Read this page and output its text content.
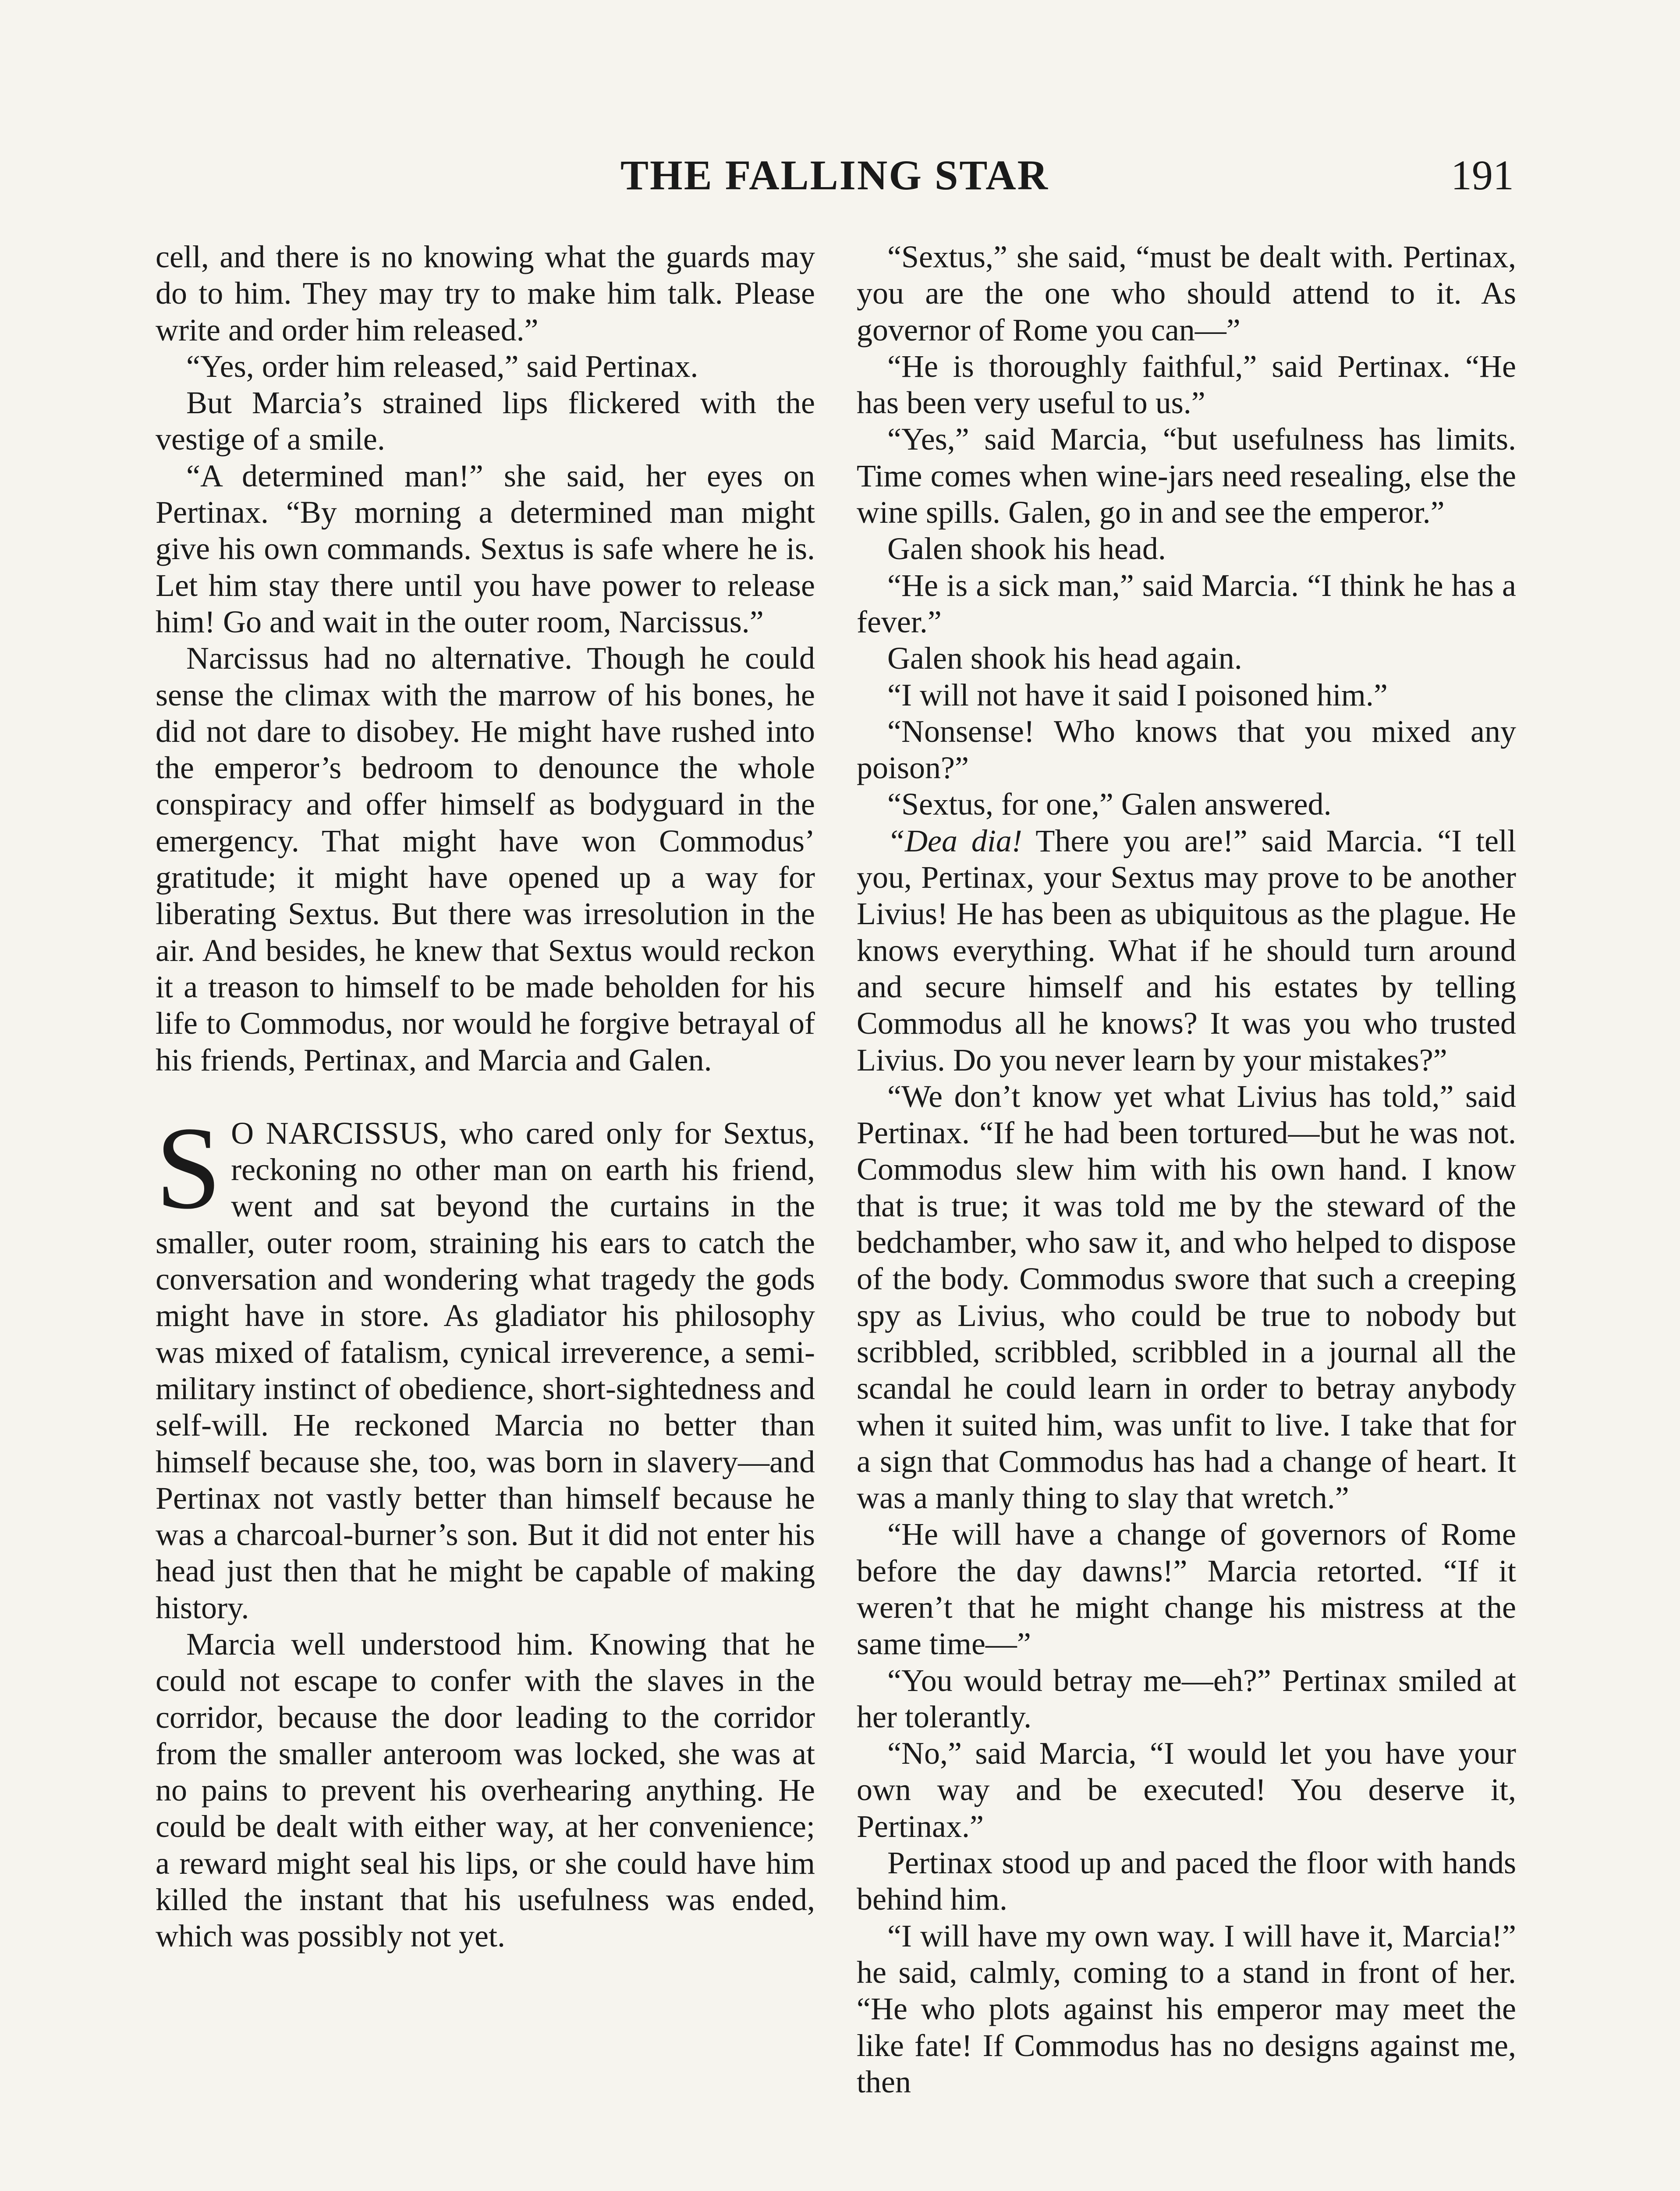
THE FALLING STAR	191

cell, and there is no knowing what the guards may do to him. They may try to make him talk. Please write and order him released.”

“Yes, order him released,” said Pertinax.

But Marcia’s strained lips flickered with the vestige of a smile.

“A determined man!” she said, her eyes on Pertinax. “By morning a determined man might give his own commands. Sextus is safe where he is. Let him stay there until you have power to release him! Go and wait in the outer room, Narcissus.”

Narcissus had no alternative. Though he could sense the climax with the marrow of his bones, he did not dare to disobey. He might have rushed into the emperor’s bedroom to denounce the whole conspiracy and offer himself as bodyguard in the emergency. That might have won Commodus’ gratitude; it might have opened up a way for liberating Sextus. But there was irresolution in the air. And besides, he knew that Sextus would reckon it a treason to himself to be made beholden for his life to Commodus, nor would he forgive betrayal of his friends, Pertinax, and Marcia and Galen.

S O NARCISSUS, who cared only for Sextus, reckoning no other man on earth his friend, went and sat beyond the curtains in the smaller, outer room, straining his ears to catch the conversation and wondering what tragedy the gods might have in store. As gladiator his philosophy was mixed of fatalism, cynical irreverence, a semi-military instinct of obedience, short-sightedness and self-will. He reckoned Marcia no better than himself because she, too, was born in slavery—and Pertinax not vastly better than himself because he was a charcoal-burner’s son. But it did not enter his head just then that he might be capable of making history.

Marcia well understood him. Knowing that he could not escape to confer with the slaves in the corridor, because the door leading to the corridor from the smaller anteroom was locked, she was at no pains to prevent his overhearing anything. He could be dealt with either way, at her convenience; a reward might seal his lips, or she could have him killed the instant that his usefulness was ended, which was possibly not yet.

“Sextus,” she said, “must be dealt with. Pertinax, you are the one who should attend to it. As governor of Rome you can—”

“He is thoroughly faithful,” said Pertinax. “He has been very useful to us.”

“Yes,” said Marcia, “but usefulness has limits. Time comes when wine-jars need resealing, else the wine spills. Galen, go in and see the emperor.”

Galen shook his head.

“He is a sick man,” said Marcia. “I think he has a fever.”

Galen shook his head again.

“I will not have it said I poisoned him.”

“Nonsense! Who knows that you mixed any poison?”

“Sextus, for one,” Galen answered.

“Dea dia! There you are!” said Marcia. “I tell you, Pertinax, your Sextus may prove to be another Livius! He has been as ubiquitous as the plague. He knows everything. What if he should turn around and secure himself and his estates by telling Commodus all he knows? It was you who trusted Livius. Do you never learn by your mistakes?”

“We don’t know yet what Livius has told,” said Pertinax. “If he had been tortured—but he was not. Commodus slew him with his own hand. I know that is true; it was told me by the steward of the bedchamber, who saw it, and who helped to dispose of the body. Commodus swore that such a creeping spy as Livius, who could be true to nobody but scribbled, scribbled, scribbled in a journal all the scandal he could learn in order to betray anybody when it suited him, was unfit to live. I take that for a sign that Commodus has had a change of heart. It was a manly thing to slay that wretch.”

“He will have a change of governors of Rome before the day dawns!” Marcia retorted. “If it weren’t that he might change his mistress at the same time—”

“You would betray me—eh?” Pertinax smiled at her tolerantly.

“No,” said Marcia, “I would let you have your own way and be executed! You deserve it, Pertinax.”

Pertinax stood up and paced the floor with hands behind him.

“I will have my own way. I will have it, Marcia!” he said, calmly, coming to a stand in front of her. “He who plots against his emperor may meet the like fate! If Commodus has no designs against me, then
